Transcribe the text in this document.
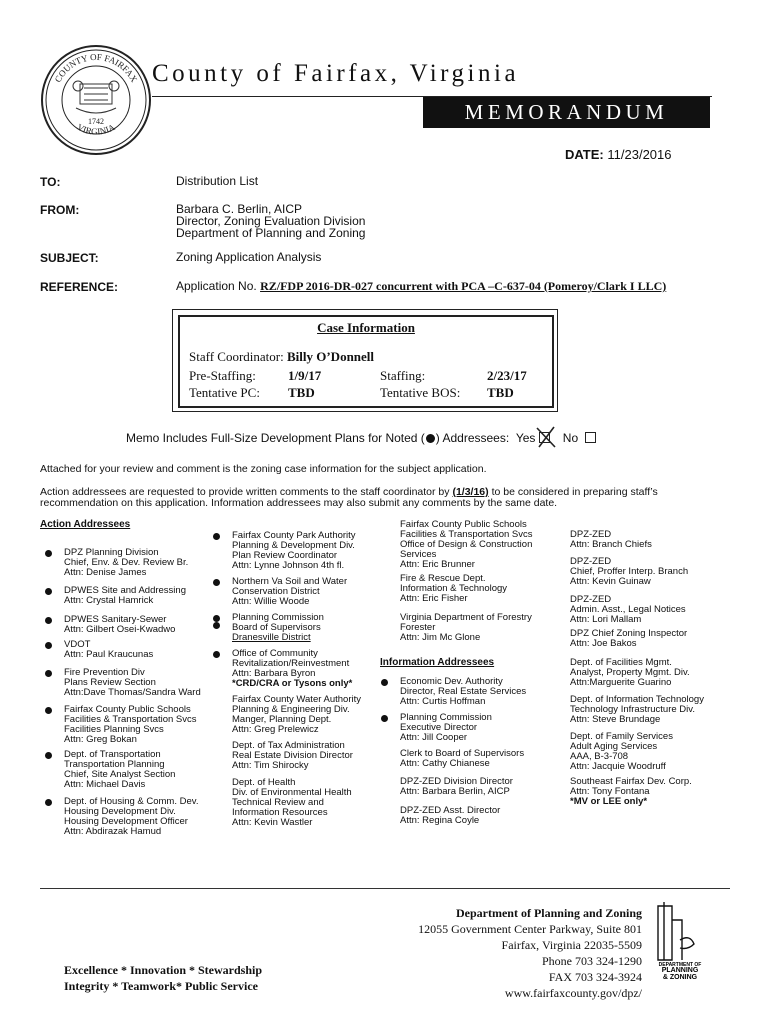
COUNTY OF FAIRFAX
VIRGINIA
1742
County of Fairfax, Virginia
MEMORANDUM
DATE: 11/23/2016
TO:	Distribution List
FROM:	Barbara C. Berlin, AICP
Director, Zoning Evaluation Division
Department of Planning and Zoning
SUBJECT:	Zoning Application Analysis
REFERENCE:	Application No. RZ/FDP 2016-DR-027 concurrent with PCA –C-637-04 (Pomeroy/Clark I LLC)
Case Information
Staff Coordinator: Billy O’Donnell
Pre-Staffing: 1/9/17	Staffing:	2/23/17
Tentative PC: TBD	Tentative BOS: TBD
Memo Includes Full-Size Development Plans for Noted ( ) Addressees: Yes No
Attached for your review and comment is the zoning case information for the subject application.
Action addressees are requested to provide written comments to the staff coordinator by (1/3/16) to be considered in preparing staff’s recommendation on this application. Information addressees may also submit any comments by the same date.
Action Addressees
DPZ Planning Division
Chief, Env. & Dev. Review Br.
Attn: Denise James
DPWES Site and Addressing
Attn: Crystal Hamrick
DPWES Sanitary-Sewer
Attn: Gilbert Osei-Kwadwo
VDOT
Attn: Paul Kraucunas
Fire Prevention Div
Plans Review Section
Attn:Dave Thomas/Sandra Ward
Fairfax County Public Schools
Facilities & Transportation Svcs
Facilities Planning Svcs
Attn: Greg Bokan
Dept. of Transportation
Transportation Planning
Chief, Site Analyst Section
Attn: Michael Davis
Dept. of Housing & Comm. Dev.
Housing Development Div.
Housing Development Officer
Attn: Abdirazak Hamud
Fairfax County Park Authority
Planning & Development Div.
Plan Review Coordinator
Attn: Lynne Johnson 4th fl.
Northern Va Soil and Water
Conservation District
Attn: Willie Woode
Planning Commission
Board of Supervisors
Dranesville District
Office of Community
Revitalization/Reinvestment
Attn: Barbara Byron
*CRD/CRA or Tysons only*
Fairfax County Water Authority
Planning & Engineering Div.
Manger, Planning Dept.
Attn: Greg Prelewicz
Dept. of Tax Administration
Real Estate Division Director
Attn: Tim Shirocky
Dept. of Health
Div. of Environmental Health
Technical Review and
Information Resources
Attn: Kevin Wastler
Fairfax County Public Schools
Facilities & Transportation Svcs
Office of Design & Construction
Services
Attn: Eric Brunner
Fire & Rescue Dept.
Information & Technology
Attn: Eric Fisher
Virginia Department of Forestry
Forester
Attn: Jim Mc Glone
Economic Dev. Authority
Director, Real Estate Services
Attn: Curtis Hoffman
Planning Commission
Executive Director
Attn: Jill Cooper
Clerk to Board of Supervisors
Attn: Cathy Chianese
DPZ-ZED Division Director
Attn: Barbara Berlin, AICP
DPZ-ZED Asst. Director
Attn: Regina Coyle
Information Addressees
DPZ-ZED
Attn: Branch Chiefs
DPZ-ZED
Chief, Proffer Interp. Branch
Attn: Kevin Guinaw
DPZ-ZED
Admin. Asst., Legal Notices
Attn: Lori Mallam
DPZ Chief Zoning Inspector
Attn: Joe Bakos
Dept. of Facilities Mgmt.
Analyst, Property Mgmt. Div.
Attn:Marguerite Guarino
Dept. of Information Technology
Technology Infrastructure Div.
Attn: Steve Brundage
Dept. of Family Services
Adult Aging Services
AAA, B-3-708
Attn: Jacquie Woodruff
Southeast Fairfax Dev. Corp.
Attn: Tony Fontana
*MV or LEE only*
Excellence * Innovation * Stewardship
Integrity * Teamwork* Public Service
Department of Planning and Zoning
12055 Government Center Parkway, Suite 801
Fairfax, Virginia 22035-5509
Phone 703 324-1290
FAX 703 324-3924
www.fairfaxcounty.gov/dpz/
DEPARTMENT OF
PLANNING
& ZONING
